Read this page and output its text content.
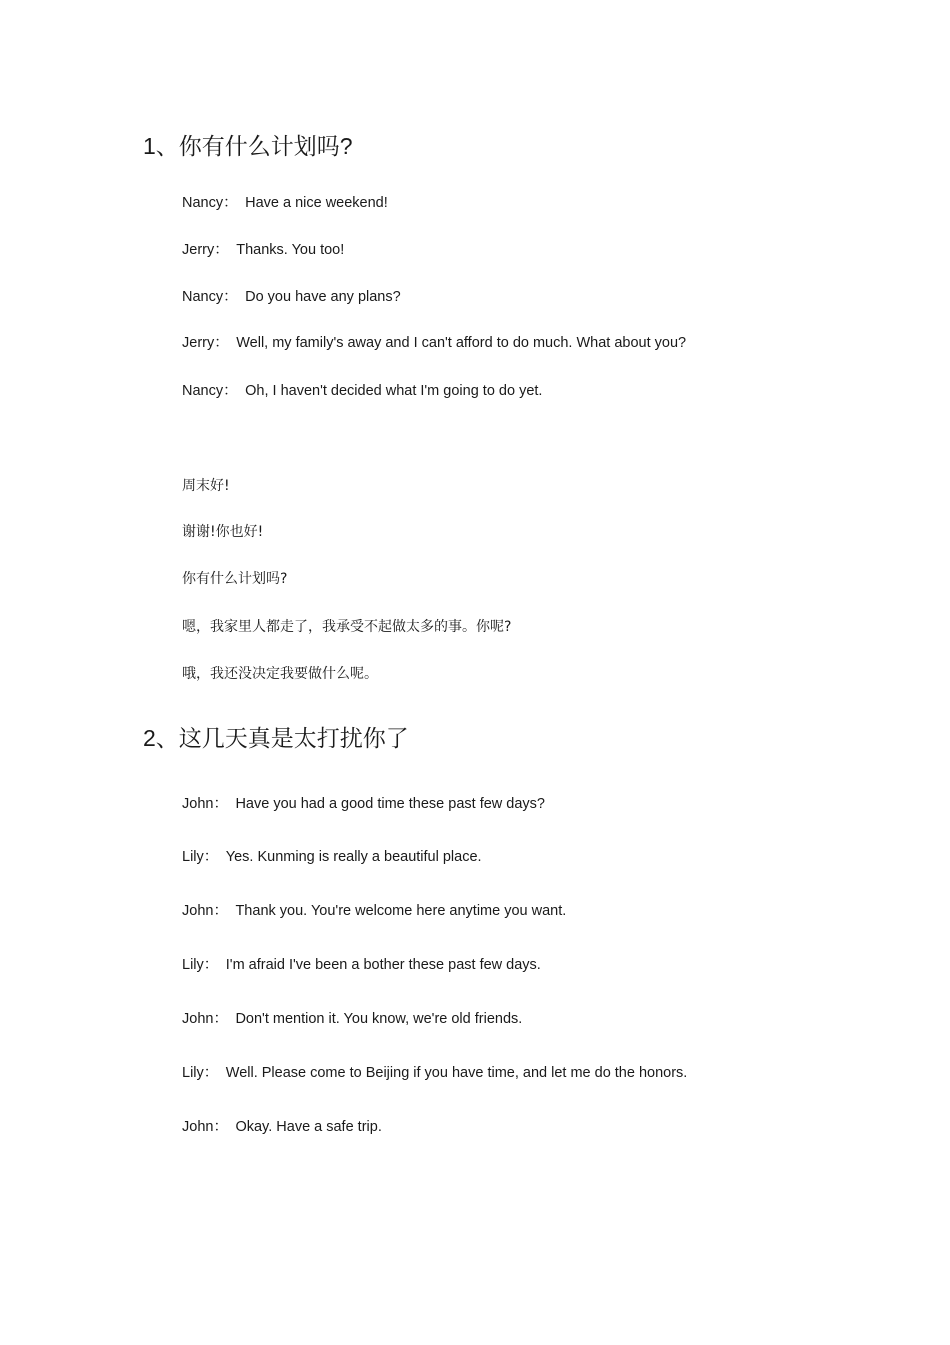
1、你有什么计划吗?

Nancy： Have a nice weekend!

Jerry： Thanks. You too!

Nancy： Do you have any plans?

Jerry： Well, my family's away and I can't afford to do much. What about you?

Nancy： Oh, I haven't decided what I'm going to do yet.

周末好!

谢谢!你也好!

你有什么计划吗?

嗯，我家里人都走了，我承受不起做太多的事。你呢?

哦，我还没决定我要做什么呢。

2、这几天真是太打扰你了

John： Have you had a good time these past few days?

Lily： Yes. Kunming is really a beautiful place.

John： Thank you. You're welcome here anytime you want.

Lily： I'm afraid I've been a bother these past few days.

John： Don't mention it. You know, we're old friends.

Lily： Well. Please come to Beijing if you have time, and let me do the honors.

John： Okay. Have a safe trip.
